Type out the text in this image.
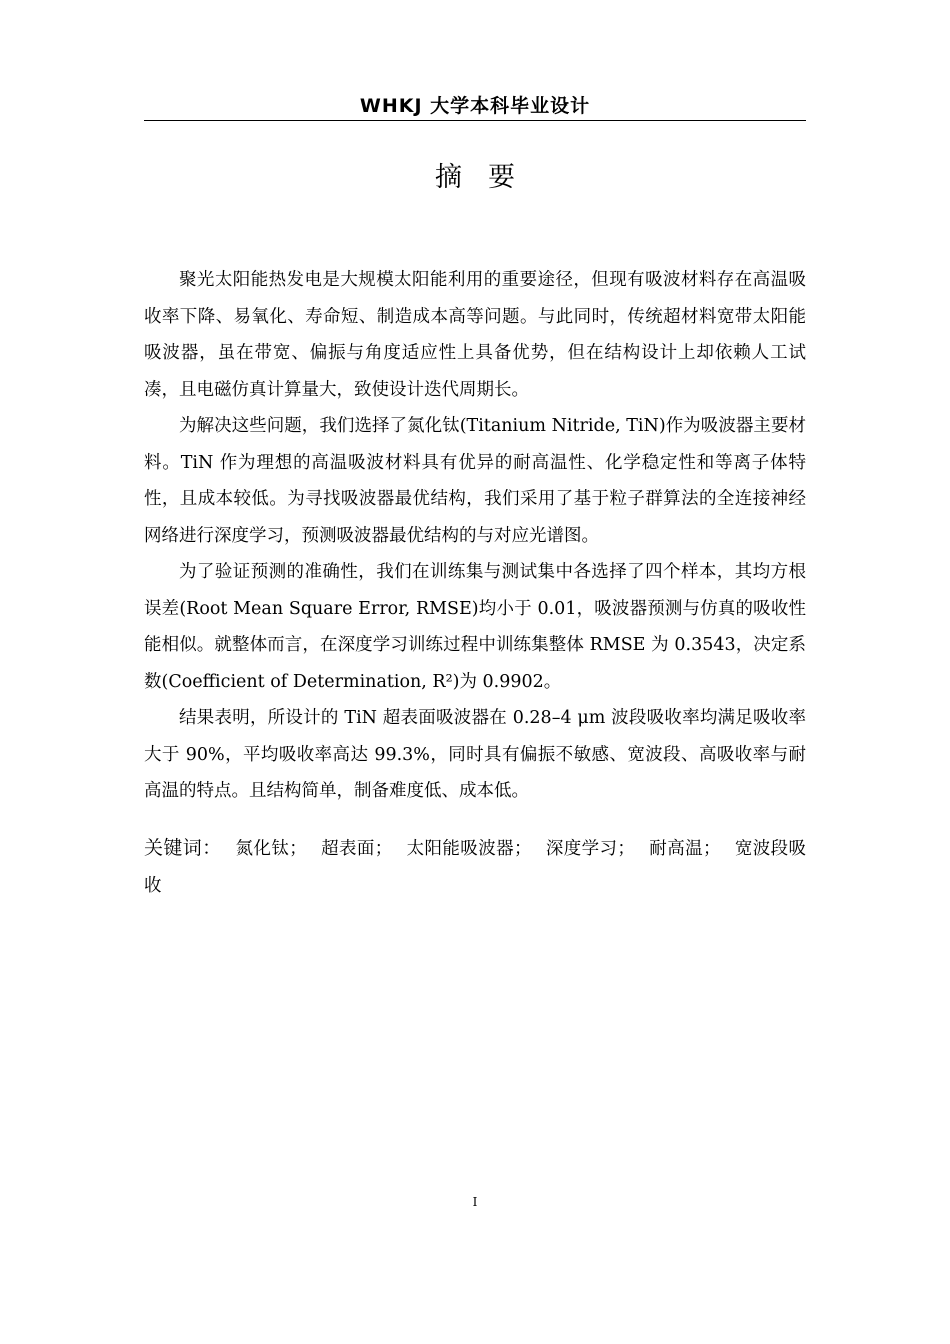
WHKJ 大学本科毕业设计
摘要

聚光太阳能热发电是大规模太阳能利用的重要途径，但现有吸波材料存在高温吸收率下降、易氧化、寿命短、制造成本高等问题。与此同时，传统超材料宽带太阳能吸波器，虽在带宽、偏振与角度适应性上具备优势，但在结构设计上却依赖人工试凑，且电磁仿真计算量大，致使设计迭代周期长。

为解决这些问题，我们选择了氮化钛(Titanium Nitride, TiN)作为吸波器主要材料。TiN 作为理想的高温吸波材料具有优异的耐高温性、化学稳定性和等离子体特性，且成本较低。为寻找吸波器最优结构，我们采用了基于粒子群算法的全连接神经网络进行深度学习，预测吸波器最优结构的与对应光谱图。

为了验证预测的准确性，我们在训练集与测试集中各选择了四个样本，其均方根误差(Root Mean Square Error, RMSE)均小于 0.01，吸波器预测与仿真的吸收性能相似。就整体而言，在深度学习训练过程中训练集整体 RMSE 为 0.3543，决定系数(Coefficient of Determination, R²)为 0.9902。

结果表明，所设计的 TiN 超表面吸波器在 0.28–4 μm 波段吸收率均满足吸收率大于 90%，平均吸收率高达 99.3%，同时具有偏振不敏感、宽波段、高吸收率与耐高温的特点。且结构简单，制备难度低、成本低。

关键词： 氮化钛； 超表面； 太阳能吸波器； 深度学习； 耐高温； 宽波段吸收
I
